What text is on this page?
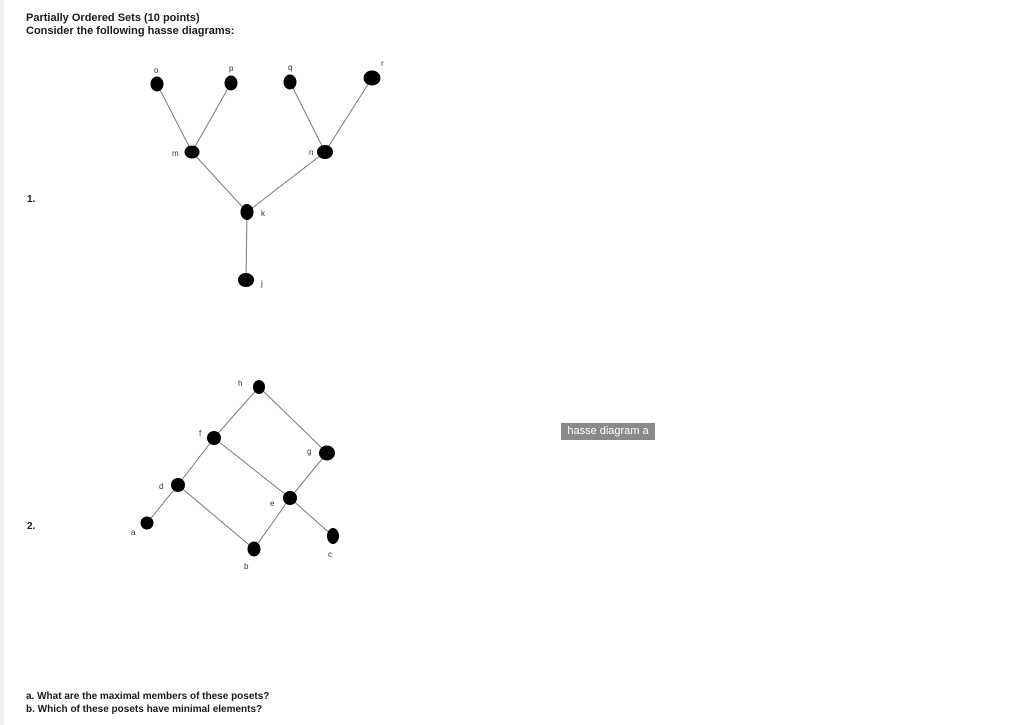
Partially Ordered Sets (10 points)
Consider the following hasse diagrams:
1.
2.
o	p	q	r
m	n
k
j
h
f
g
d
e
a
b
c
hasse diagram a
a. What are the maximal members of these posets?
b. Which of these posets have minimal elements?
